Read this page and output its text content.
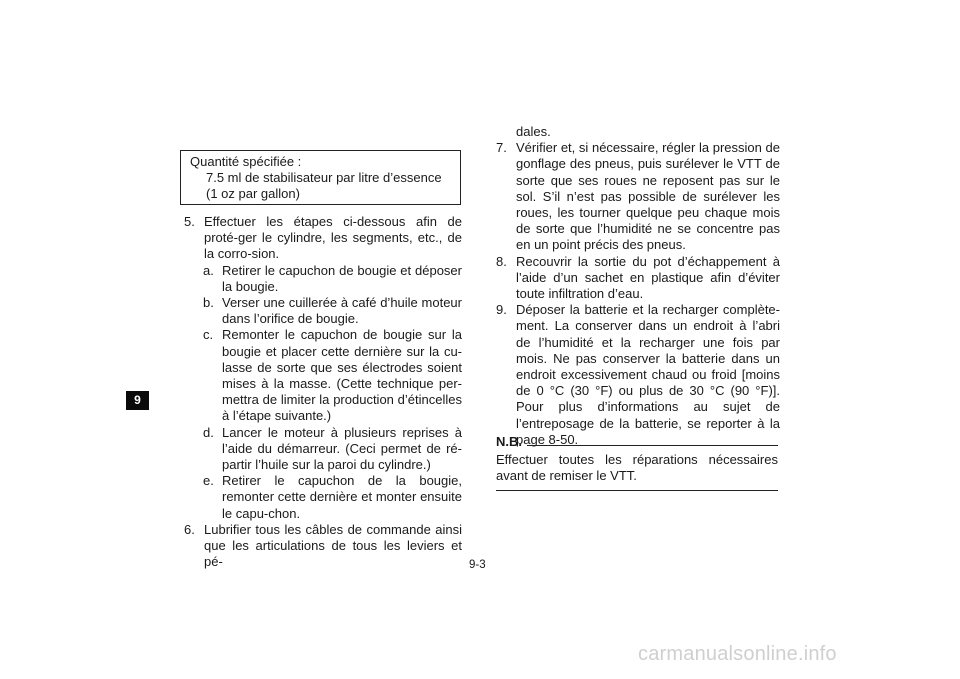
9
Quantité spécifiée :
7.5 ml de stabilisateur par litre d’essence
(1 oz par gallon)
5. Effectuer les étapes ci-dessous afin de proté-ger le cylindre, les segments, etc., de la corro-sion.
a. Retirer le capuchon de bougie et déposer la bougie.
b. Verser une cuillerée à café d’huile moteur dans l’orifice de bougie.
c. Remonter le capuchon de bougie sur la bougie et placer cette dernière sur la cu-lasse de sorte que ses électrodes soient mises à la masse. (Cette technique per-mettra de limiter la production d’étincelles à l’étape suivante.)
d. Lancer le moteur à plusieurs reprises à l’aide du démarreur. (Ceci permet de ré-partir l’huile sur la paroi du cylindre.)
e. Retirer le capuchon de la bougie, remonter cette dernière et monter ensuite le capu-chon.
6. Lubrifier tous les câbles de commande ainsi que les articulations de tous les leviers et pé-
dales.
7. Vérifier et, si nécessaire, régler la pression de gonflage des pneus, puis surélever le VTT de sorte que ses roues ne reposent pas sur le sol. S’il n’est pas possible de surélever les roues, les tourner quelque peu chaque mois de sorte que l’humidité ne se concentre pas en un point précis des pneus.
8. Recouvrir la sortie du pot d’échappement à l’aide d’un sachet en plastique afin d’éviter toute infiltration d’eau.
9. Déposer la batterie et la recharger complète-ment. La conserver dans un endroit à l’abri de l’humidité et la recharger une fois par mois. Ne pas conserver la batterie dans un endroit excessivement chaud ou froid [moins de 0 °C (30 °F) ou plus de 30 °C (90 °F)]. Pour plus d’informations au sujet de l’entreposage de la batterie, se reporter à la page 8-50.
N.B.
Effectuer toutes les réparations nécessaires avant de remiser le VTT.
9-3
carmanualsonline.info
